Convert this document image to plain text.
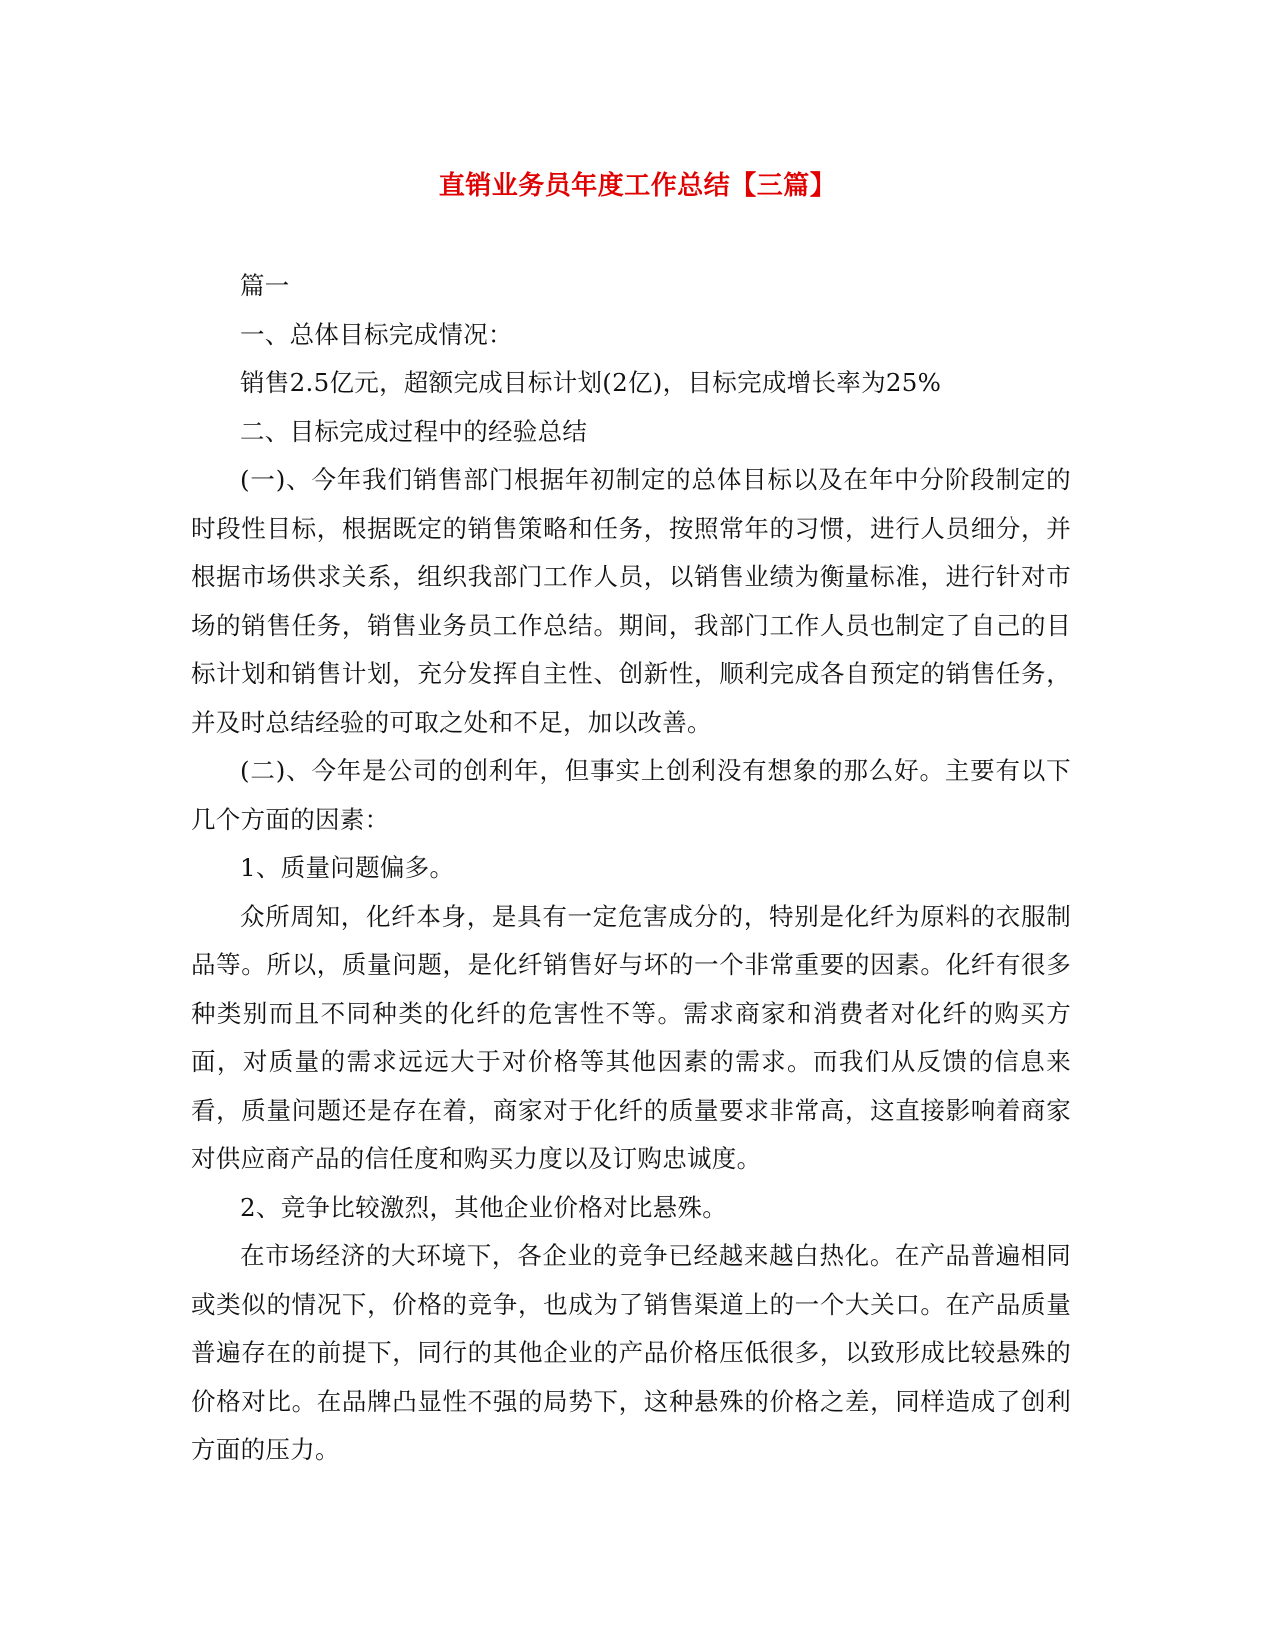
直销业务员年度工作总结【三篇】

篇一

一、总体目标完成情况：

销售2.5亿元，超额完成目标计划(2亿)，目标完成增长率为25%

二、目标完成过程中的经验总结

(一)、今年我们销售部门根据年初制定的总体目标以及在年中分阶段制定的时段性目标，根据既定的销售策略和任务，按照常年的习惯，进行人员细分，并根据市场供求关系，组织我部门工作人员，以销售业绩为衡量标准，进行针对市场的销售任务，销售业务员工作总结。期间，我部门工作人员也制定了自己的目标计划和销售计划，充分发挥自主性、创新性，顺利完成各自预定的销售任务，并及时总结经验的可取之处和不足，加以改善。

(二)、今年是公司的创利年，但事实上创利没有想象的那么好。主要有以下几个方面的因素：

1、质量问题偏多。

众所周知，化纤本身，是具有一定危害成分的，特别是化纤为原料的衣服制品等。所以，质量问题，是化纤销售好与坏的一个非常重要的因素。化纤有很多种类别而且不同种类的化纤的危害性不等。需求商家和消费者对化纤的购买方面，对质量的需求远远大于对价格等其他因素的需求。而我们从反馈的信息来看，质量问题还是存在着，商家对于化纤的质量要求非常高，这直接影响着商家对供应商产品的信任度和购买力度以及订购忠诚度。

2、竞争比较激烈，其他企业价格对比悬殊。

在市场经济的大环境下，各企业的竞争已经越来越白热化。在产品普遍相同或类似的情况下，价格的竞争，也成为了销售渠道上的一个大关口。在产品质量普遍存在的前提下，同行的其他企业的产品价格压低很多，以致形成比较悬殊的价格对比。在品牌凸显性不强的局势下，这种悬殊的价格之差，同样造成了创利方面的压力。
